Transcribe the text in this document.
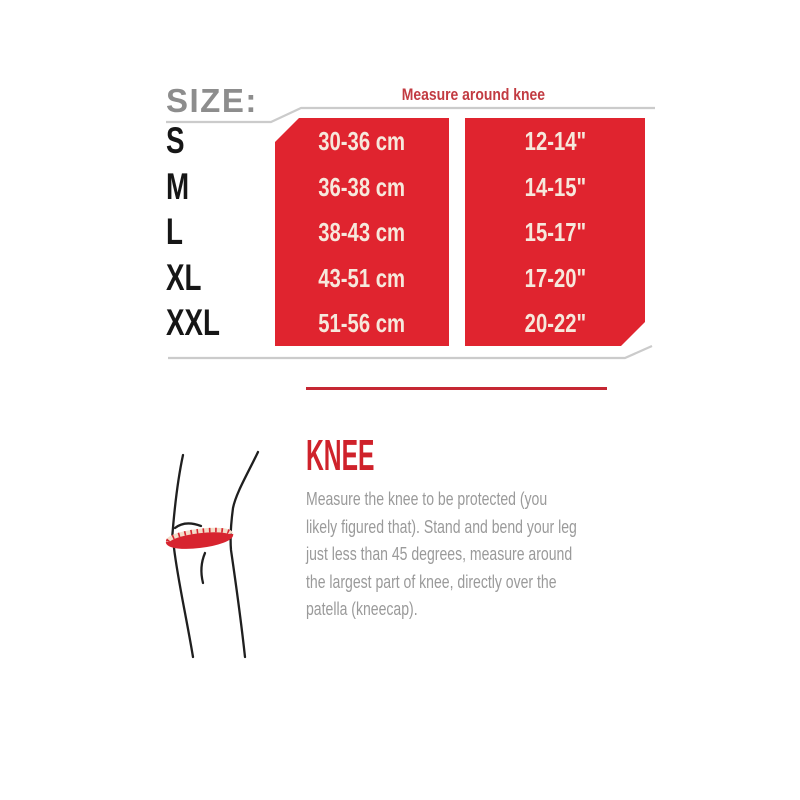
SIZE:	Measure around knee
S	30-36 cm	12-14"
M	36-38 cm	14-15"
L	38-43 cm	15-17"
XL	43-51 cm	17-20"
XXL	51-56 cm	20-22"
KNEE
Measure the knee to be protected (you
likely figured that). Stand and bend your leg
just less than 45 degrees, measure around
the largest part of knee, directly over the
patella (kneecap).
